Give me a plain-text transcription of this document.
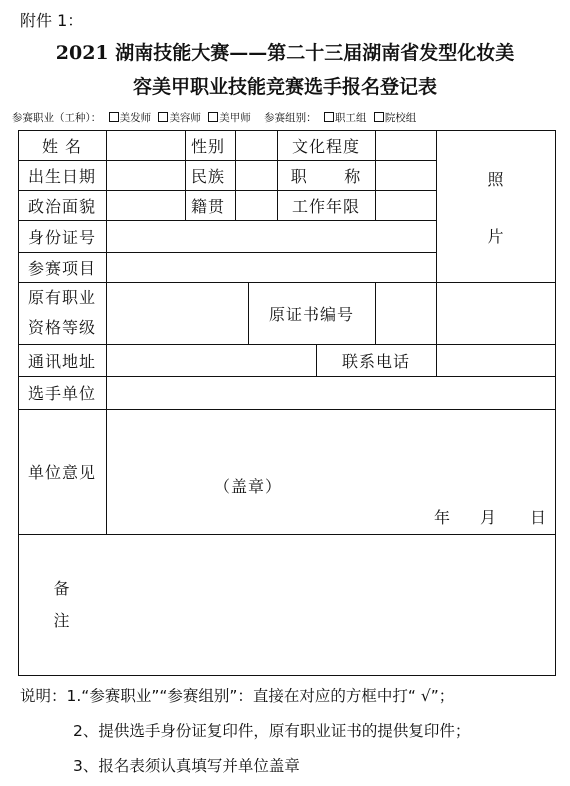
附件 1：
2021 湖南技能大赛——第二十三届湖南省发型化妆美
容美甲职业技能竞赛选手报名登记表
参赛职业（工种）： 美发师 美容师 美甲师 参赛组别： 职工组 院校组
姓 名	性别	文化程度
出生日期	民族	职      称
政治面貌	籍贯	工作年限
身份证号
参赛项目
照
片
原有职业
资格等级
原证书编号
通讯地址	联系电话
选手单位
单位意见
（盖章）
年 月 日
备
注
说明：1.“参赛职业”“参赛组别”：直接在对应的方框中打“ √”；
2、提供选手身份证复印件，原有职业证书的提供复印件；
3、报名表须认真填写并单位盖章
